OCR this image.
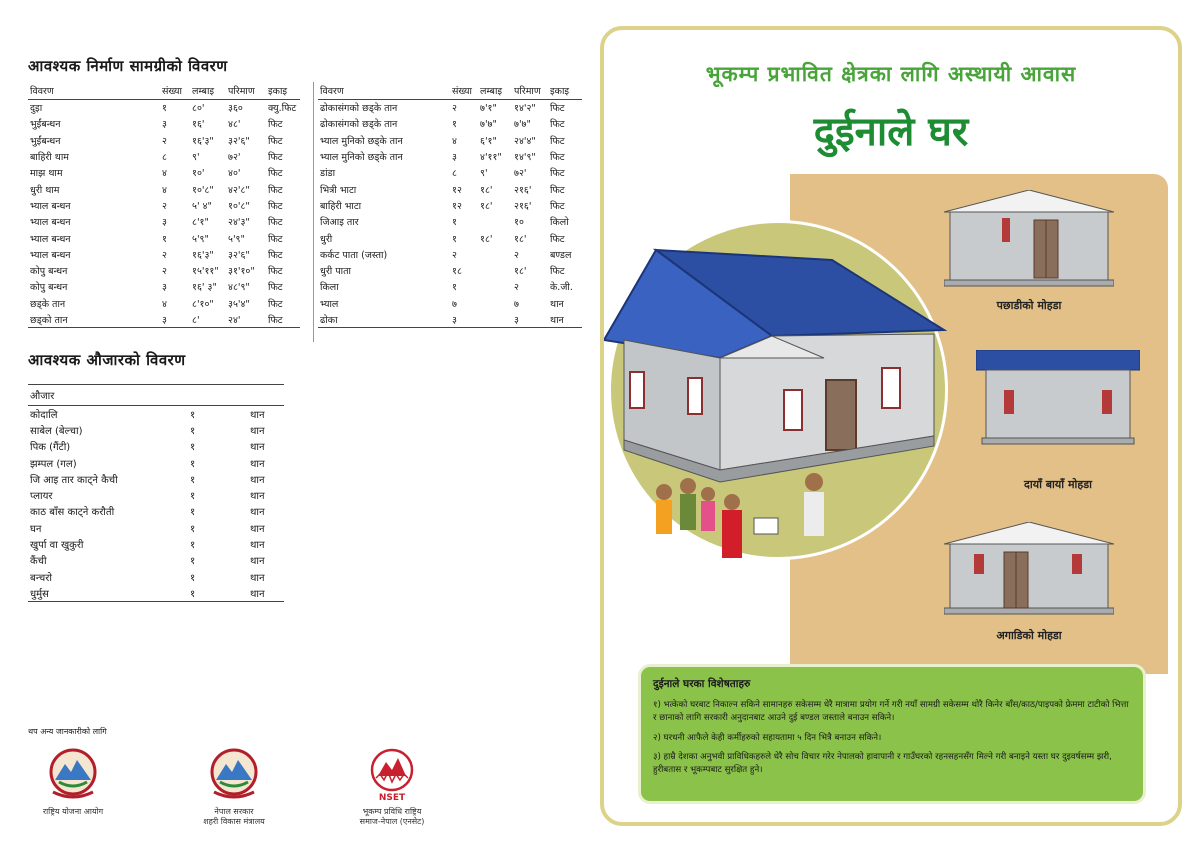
आवश्यक निर्माण सामग्रीको विवरण
विवरण	संख्या	लम्बाइ	परिमाण	इकाइ
दुइा	१	८०'	३६०	क्यु.फिट
भुईंबन्धन	३	१६'	४८'	फिट
भुईंबन्धन	२	१६'३"	३२'६"	फिट
बाहिरी थाम	८	९'	७२'	फिट
माझ थाम	४	१०'	४०'	फिट
धुरी थाम	४	१०'८"	४२'८"	फिट
भ्याल बन्धन	२	५' ४"	१०'८"	फिट
भ्याल बन्धन	३	८'१"	२४'३"	फिट
भ्याल बन्धन	१	५'९"	५'९"	फिट
भ्याल बन्धन	२	१६'३"	३२'६"	फिट
कोपु बन्धन	२	१५'११"	३१'१०"	फिट
कोपु बन्धन	३	१६' ३"	४८'९"	फिट
छड्के तान	४	८'१०"	३५'४"	फिट
छड्को तान	३	८'	२४'	फिट
विवरण	संख्या	लम्बाइ	परिमाण	इकाइ
ढोकासंगको छड्के तान	२	७'१"	१४'२"	फिट
ढोकासंगको छड्के तान	१	७'७"	७'७"	फिट
भ्याल मुनिको छड्के तान	४	६'१"	२४'४"	फिट
भ्याल मुनिको छड्के तान	३	४'११"	१४'९"	फिट
डांडा	८	९'	७२'	फिट
भित्री भाटा	१२	१८'	२१६'	फिट
बाहिरी भाटा	१२	१८'	२१६'	फिट
जिआइ तार	१		१०	किलो
धुरी	१	१८'	१८'	फिट
कर्कट पाता (जस्ता)	२		२	बण्डल
धुरी पाता	१८		१८'	फिट
किला	१		२	के.जी.
भ्याल	७		७	थान
ढोका	३		३	थान
आवश्यक औजारको विवरण
औजार		
कोदालि	१	थान
साबेल (बेल्चा)	१	थान
पिक (गैंटी)	१	थान
झम्पल (गल)	१	थान
जि आइ तार काट्ने कैची	१	थान
प्लायर	१	थान
काठ बाँस काट्ने करौती	१	थान
घन	१	थान
खुर्पा वा खुकुरी	१	थान
कैंची	१	थान
बन्चरो	१	थान
धुर्मुस	१	थान
थप अन्य जानकारीको लागि
राष्ट्रिय योजना आयोग	नेपाल सरकार
शहरी विकास मंत्रालय
NSET
भूकम्प प्रविधि राष्ट्रिय
समाज-नेपाल (एनसेट)
भूकम्प प्रभावित क्षेत्रका लागि अस्थायी आवास
दुईनाले घर
पछाडीको मोहडा
दायाँ बायाँ मोहडा
अगाडिको मोहडा
दुईनाले घरका विशेषताहरु
१) भत्केको घरबाट निकाल्न सकिने सामानहरु सकेसम्म धेरै मात्रामा प्रयोग गर्ने गरी नयाँ सामग्री सकेसम्म थोरै किनेर बाँस/काठ/पाइपको फ्रेममा टाटीको भित्ता र छानाको लागि सरकारी अनुदानबाट आउने दुई बण्डल जस्ताले बनाउन सकिने।
२) घरधनी आफैले केही कर्मीहरुको सहायतामा ५ दिन भित्रै बनाउन सकिने।
३) हाम्रै देशका अनुभवी प्राविधिकहरुले धेरै सोच विचार गरेर नेपालको हावापानी र गाउँघरको रहनसहनसँग मिल्ने गरी बनाइने यस्ता घर दुइवर्षसम्म झरी, हुरीबतास र भूकम्पबाट सुरक्षित हुने।
